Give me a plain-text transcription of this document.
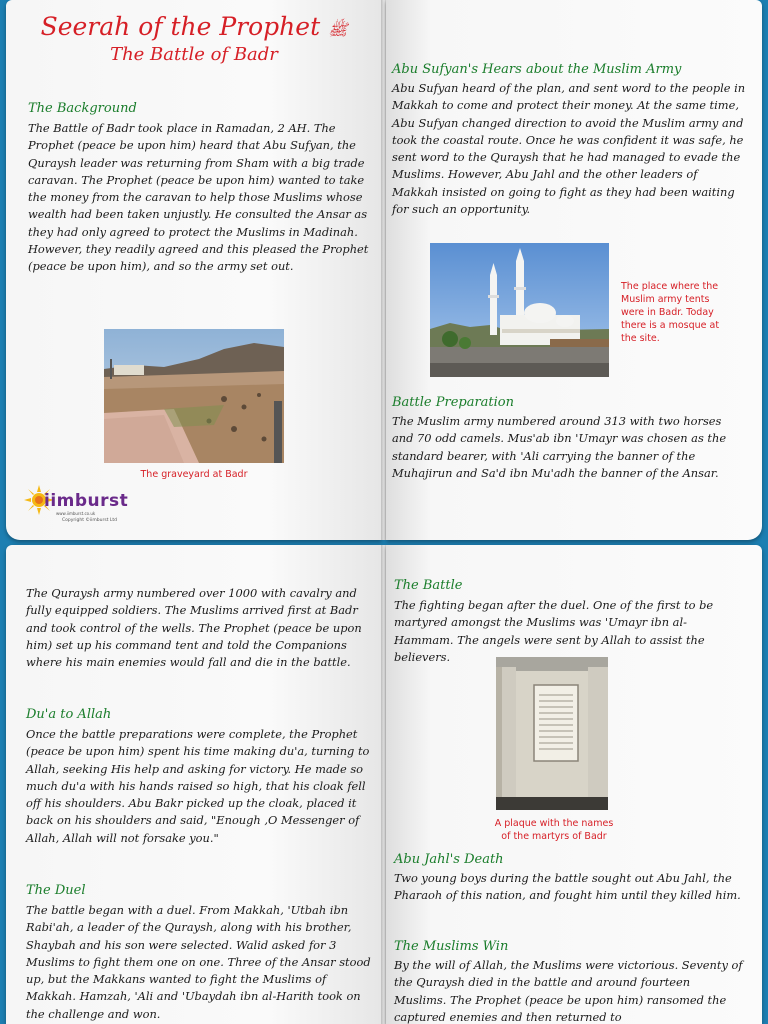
Seerah of the Prophet ﷺ
The Battle of Badr

The Background

The Battle of Badr took place in Ramadan, 2 AH. The Prophet (peace be upon him) heard that Abu Sufyan, the Quraysh leader was returning from Sham with a big trade caravan. The Prophet (peace be upon him) wanted to take the money from the caravan to help those Muslims whose wealth had been taken unjustly. He consulted the Ansar as they had only agreed to protect the Muslims in Madinah. However, they readily agreed and this pleased the Prophet (peace be upon him), and so the army set out.

The graveyard at Badr

iimburst
www.iimburst.co.uk
Copyright ©iimburst Ltd

Abu Sufyan's Hears about the Muslim Army

Abu Sufyan heard of the plan, and sent word to the people in Makkah to come and protect their money. At the same time, Abu Sufyan changed direction to avoid the Muslim army and took the coastal route. Once he was confident it was safe, he sent word to the Quraysh that he had managed to evade the Muslims. However, Abu Jahl and the other leaders of Makkah insisted on going to fight as they had been waiting for such an opportunity.

The place where the Muslim army tents were in Badr. Today there is a mosque at the site.

Battle Preparation

The Muslim army numbered around 313 with two horses and 70 odd camels. Mus'ab ibn 'Umayr was chosen as the standard bearer, with 'Ali carrying the banner of the Muhajirun and Sa'd ibn Mu'adh the banner of the Ansar.

The Quraysh army numbered over 1000 with cavalry and fully equipped soldiers. The Muslims arrived first at Badr and took control of the wells. The Prophet (peace be upon him) set up his command tent and told the Companions where his main enemies would fall and die in the battle.

Du'a to Allah

Once the battle preparations were complete, the Prophet (peace be upon him) spent his time making du'a, turning to Allah, seeking His help and asking for victory. He made so much du'a with his hands raised so high, that his cloak fell off his shoulders. Abu Bakr picked up the cloak, placed it back on his shoulders and said, "Enough ,O Messenger of Allah, Allah will not forsake you."

The Duel

The battle began with a duel. From Makkah, 'Utbah ibn Rabi'ah, a leader of the Quraysh, along with his brother, Shaybah and his son were selected. Walid asked for 3 Muslims to fight them one on one. Three of the Ansar stood up, but the Makkans wanted to fight the Muslims of Makkah. Hamzah, 'Ali and 'Ubaydah ibn al-Harith took on the challenge and won.

The Battle

The fighting began after the duel. One of the first to be martyred amongst the Muslims was 'Umayr ibn al-Hammam. The angels were sent by Allah to assist the believers.

A plaque with the names of the martyrs of Badr

Abu Jahl's Death

Two young boys during the battle sought out Abu Jahl, the Pharaoh of this nation, and fought him until they killed him.

The Muslims Win

By the will of Allah, the Muslims were victorious. Seventy of the Quraysh died in the battle and around fourteen Muslims. The Prophet (peace be upon him) ransomed the captured enemies and then returned to
